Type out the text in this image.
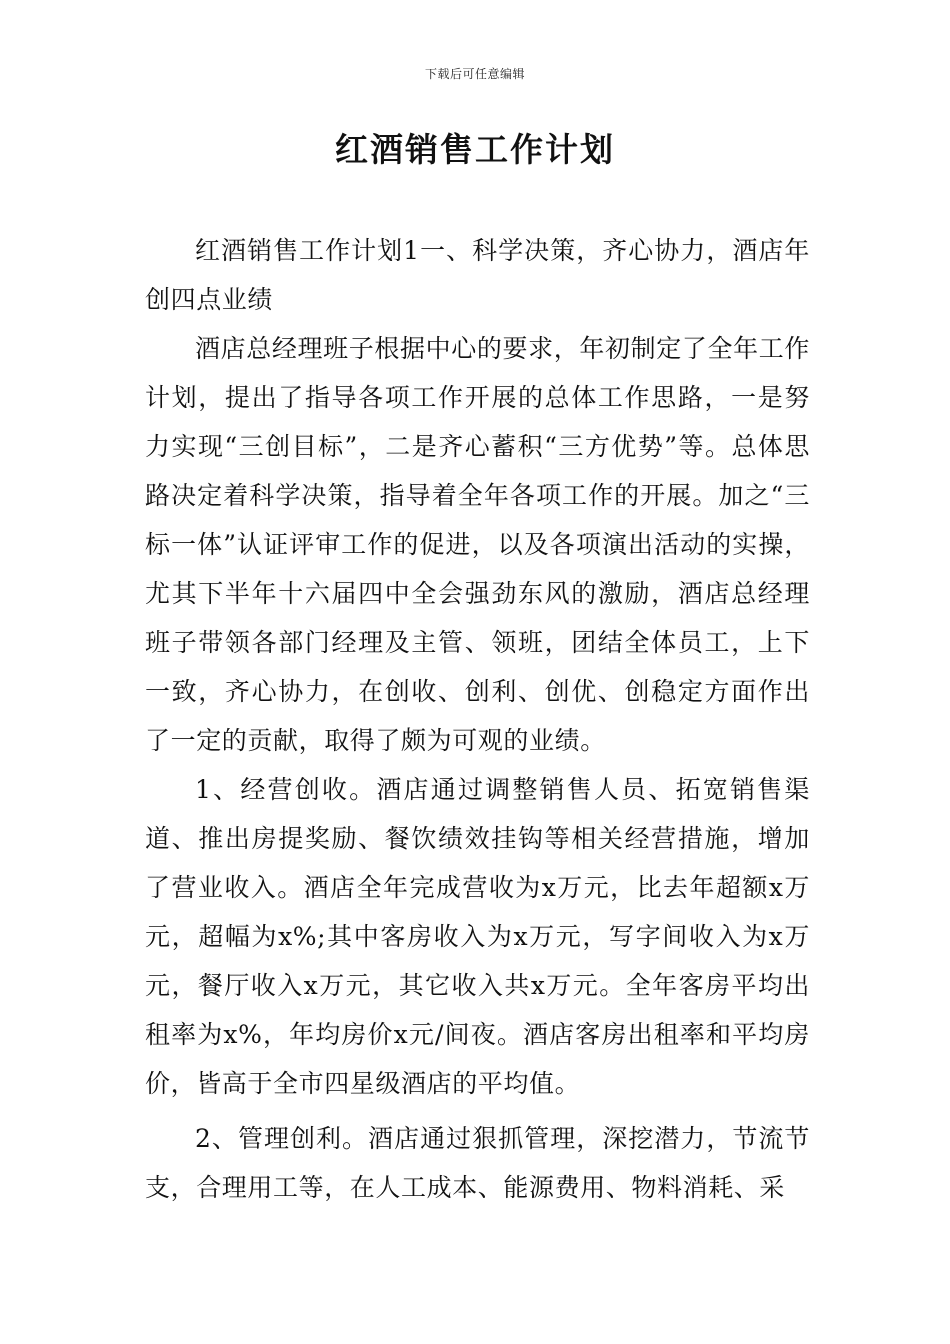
下载后可任意编辑
红酒销售工作计划

红酒销售工作计划1一、科学决策，齐心协力，酒店年创四点业绩

酒店总经理班子根据中心的要求，年初制定了全年工作计划，提出了指导各项工作开展的总体工作思路，一是努力实现“三创目标”，二是齐心蓄积“三方优势”等。总体思路决定着科学决策，指导着全年各项工作的开展。加之“三标一体”认证评审工作的促进，以及各项演出活动的实操，尤其下半年十六届四中全会强劲东风的激励，酒店总经理班子带领各部门经理及主管、领班，团结全体员工，上下一致，齐心协力，在创收、创利、创优、创稳定方面作出了一定的贡献，取得了颇为可观的业绩。

1、经营创收。酒店通过调整销售人员、拓宽销售渠道、推出房提奖励、餐饮绩效挂钩等相关经营措施，增加了营业收入。酒店全年完成营收为x万元，比去年超额x万元，超幅为x%;其中客房收入为x万元，写字间收入为x万元，餐厅收入x万元，其它收入共x万元。全年客房平均出租率为x%，年均房价x元/间夜。酒店客房出租率和平均房价，皆高于全市四星级酒店的平均值。

2、管理创利。酒店通过狠抓管理，深挖潜力，节流节支，合理用工等，在人工成本、能源费用、物料消耗、采
